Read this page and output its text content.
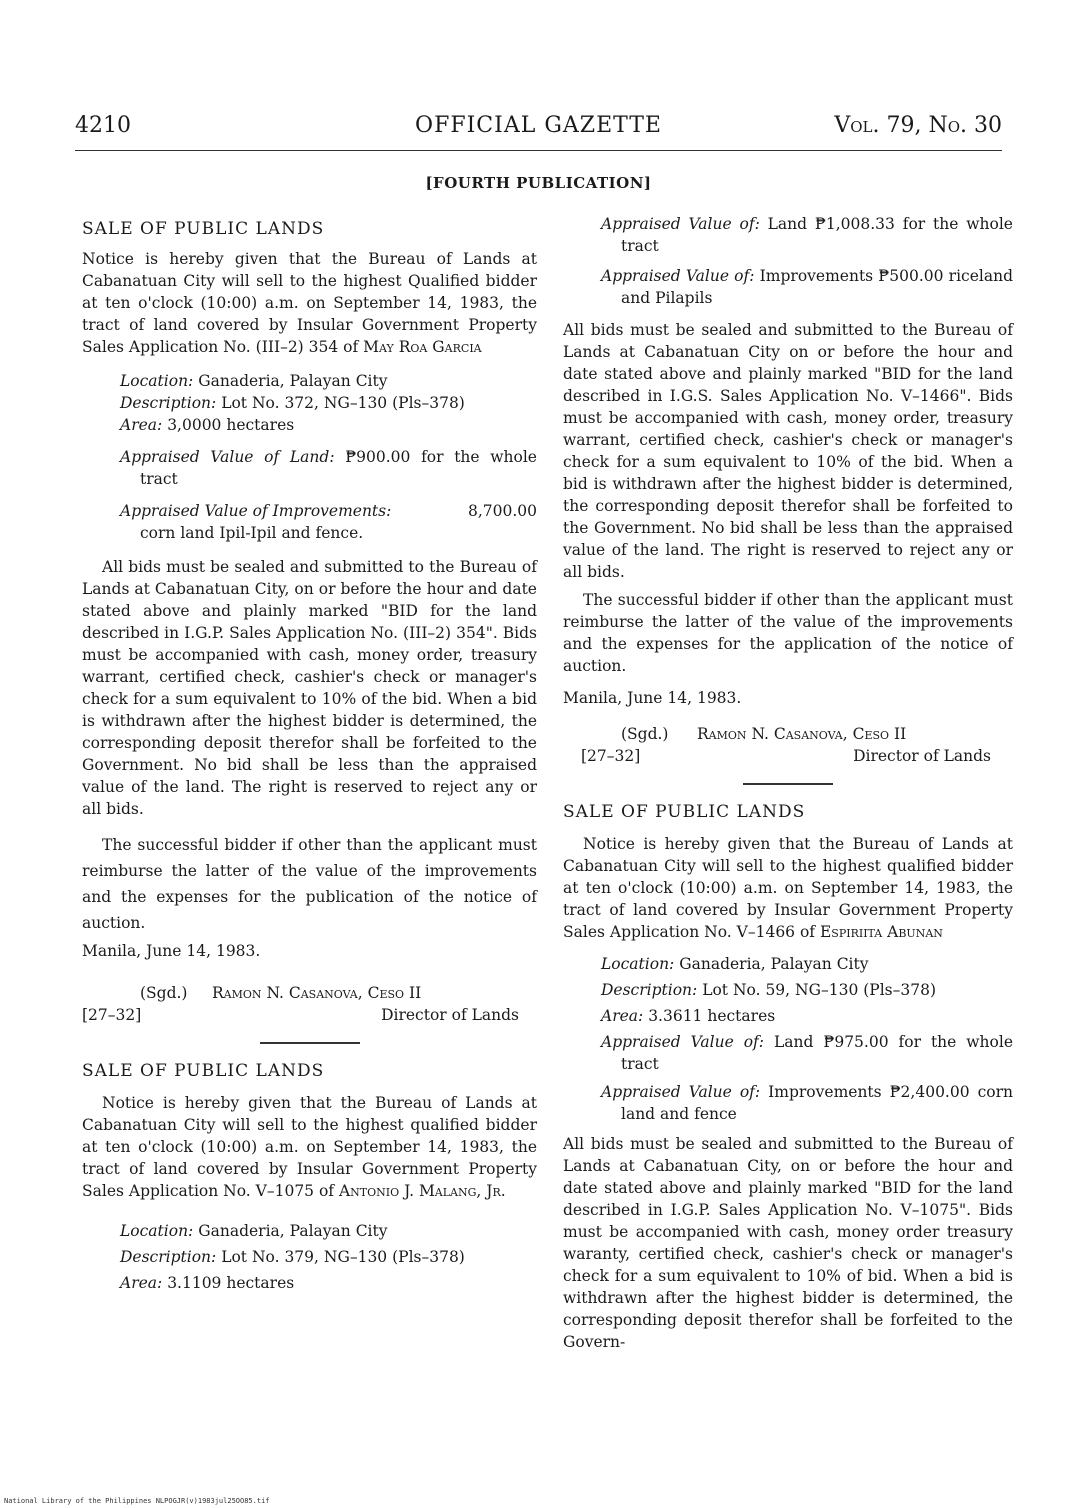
4210	OFFICIAL GAZETTE	Vol. 79, No. 30
[FOURTH PUBLICATION]

SALE OF PUBLIC LANDS

Notice is hereby given that the Bureau of Lands at Cabanatuan City will sell to the highest Qualified bidder at ten o'clock (10:00) a.m. on September 14, 1983, the tract of land covered by Insular Government Property Sales Application No. (III–2) 354 of May Roa Garcia

Location: Ganaderia, Palayan City

Description: Lot No. 372, NG–130 (Pls–378)

Area: 3,0000 hectares

Appraised Value of Land: ₱900.00 for the whole tract

Appraised Value of Improvements:	8,700.00

corn land Ipil-Ipil and fence.

All bids must be sealed and submitted to the Bureau of Lands at Cabanatuan City, on or before the hour and date stated above and plainly marked "BID for the land described in I.G.P. Sales Application No. (III–2) 354". Bids must be accompanied with cash, money order, treasury warrant, certified check, cashier's check or manager's check for a sum equivalent to 10% of the bid. When a bid is withdrawn after the highest bidder is determined, the corresponding deposit therefor shall be forfeited to the Government. No bid shall be less than the appraised value of the land. The right is reserved to reject any or all bids.

The successful bidder if other than the applicant must reimburse the latter of the value of the improvements and the expenses for the publication of the notice of auction.

Manila, June 14, 1983.

(Sgd.) Ramon N. Casanova, Ceso II
[27–32]	Director of Lands

SALE OF PUBLIC LANDS

Notice is hereby given that the Bureau of Lands at Cabanatuan City will sell to the highest qualified bidder at ten o'clock (10:00) a.m. on September 14, 1983, the tract of land covered by Insular Government Property Sales Application No. V–1075 of Antonio J. Malang, Jr.

Location: Ganaderia, Palayan City

Description: Lot No. 379, NG–130 (Pls–378)

Area: 3.1109 hectares

Appraised Value of: Land ₱1,008.33 for the whole tract

Appraised Value of: Improvements ₱500.00 riceland and Pilapils

All bids must be sealed and submitted to the Bureau of Lands at Cabanatuan City on or before the hour and date stated above and plainly marked "BID for the land described in I.G.S. Sales Application No. V–1466". Bids must be accompanied with cash, money order, treasury warrant, certified check, cashier's check or manager's check for a sum equivalent to 10% of the bid. When a bid is withdrawn after the highest bidder is determined, the corresponding deposit therefor shall be forfeited to the Government. No bid shall be less than the appraised value of the land. The right is reserved to reject any or all bids.

The successful bidder if other than the applicant must reimburse the latter of the value of the improvements and the expenses for the application of the notice of auction.

Manila, June 14, 1983.

(Sgd.) Ramon N. Casanova, Ceso II
[27–32]	Director of Lands

SALE OF PUBLIC LANDS

Notice is hereby given that the Bureau of Lands at Cabanatuan City will sell to the highest qualified bidder at ten o'clock (10:00) a.m. on September 14, 1983, the tract of land covered by Insular Government Property Sales Application No. V–1466 of Espiriita Abunan

Location: Ganaderia, Palayan City

Description: Lot No. 59, NG–130 (Pls–378)

Area: 3.3611 hectares

Appraised Value of: Land ₱975.00 for the whole tract

Appraised Value of: Improvements ₱2,400.00 corn land and fence

All bids must be sealed and submitted to the Bureau of Lands at Cabanatuan City, on or before the hour and date stated above and plainly marked "BID for the land described in I.G.P. Sales Application No. V–1075". Bids must be accompanied with cash, money order treasury waranty, certified check, cashier's check or manager's check for a sum equivalent to 10% of bid. When a bid is withdrawn after the highest bidder is determined, the corresponding deposit therefor shall be forfeited to the Govern-

National Library of the Philippines NLPOGJR(v)1983jul25OO85.tif
